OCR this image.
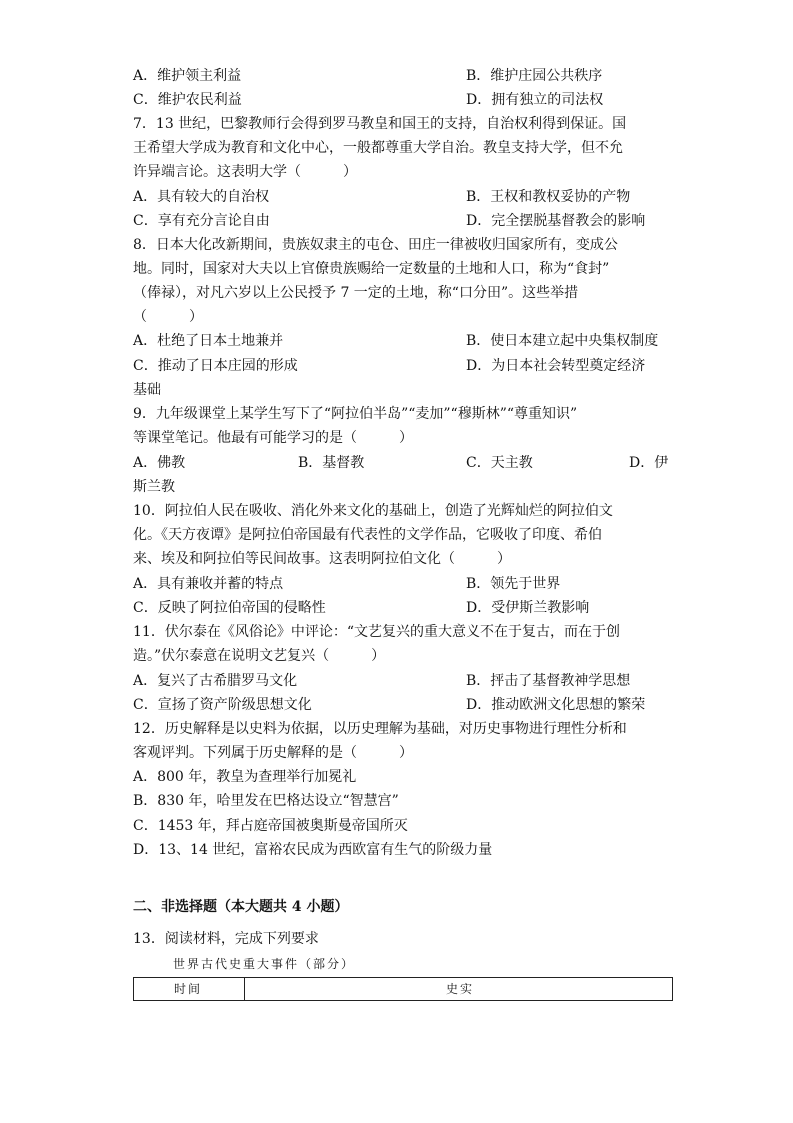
A．维护领主利益	B．维护庄园公共秩序
C．维护农民利益	D．拥有独立的司法权
7．13 世纪，巴黎教师行会得到罗马教皇和国王的支持，自治权利得到保证。国
王希望大学成为教育和文化中心，一般都尊重大学自治。教皇支持大学，但不允
许异端言论。这表明大学（　　　）
A．具有较大的自治权	B．王权和教权妥协的产物
C．享有充分言论自由	D．完全摆脱基督教会的影响
8．日本大化改新期间，贵族奴隶主的屯仓、田庄一律被收归国家所有，变成公
地。同时，国家对大夫以上官僚贵族赐给一定数量的土地和人口，称为“食封”
（俸禄），对凡六岁以上公民授予 7 一定的土地，称“口分田”。这些举措
（　　　）
A．杜绝了日本土地兼并	B．使日本建立起中央集权制度
C．推动了日本庄园的形成	D．为日本社会转型奠定经济
基础
9．九年级课堂上某学生写下了“阿拉伯半岛”“麦加”“穆斯林”“尊重知识”
等课堂笔记。他最有可能学习的是（　　　）
A．佛教	B．基督教	C．天主教	D．伊
斯兰教
10．阿拉伯人民在吸收、消化外来文化的基础上，创造了光辉灿烂的阿拉伯文
化。《天方夜谭》是阿拉伯帝国最有代表性的文学作品，它吸收了印度、希伯
来、埃及和阿拉伯等民间故事。这表明阿拉伯文化（　　　）
A．具有兼收并蓄的特点	B．领先于世界
C．反映了阿拉伯帝国的侵略性	D．受伊斯兰教影响
11．伏尔泰在《风俗论》中评论：“文艺复兴的重大意义不在于复古，而在于创
造。”伏尔泰意在说明文艺复兴（　　　）
A．复兴了古希腊罗马文化	B．抨击了基督教神学思想
C．宣扬了资产阶级思想文化	D．推动欧洲文化思想的繁荣
12．历史解释是以史料为依据，以历史理解为基础，对历史事物进行理性分析和
客观评判。下列属于历史解释的是（　　　）
A．800 年，教皇为查理举行加冕礼
B．830 年，哈里发在巴格达设立“智慧宫”
C．1453 年，拜占庭帝国被奥斯曼帝国所灭
D．13、14 世纪，富裕农民成为西欧富有生气的阶级力量
二、非选择题（本大题共 4 小题）
13．阅读材料，完成下列要求
世界古代史重大事件（部分）
时间	史实
